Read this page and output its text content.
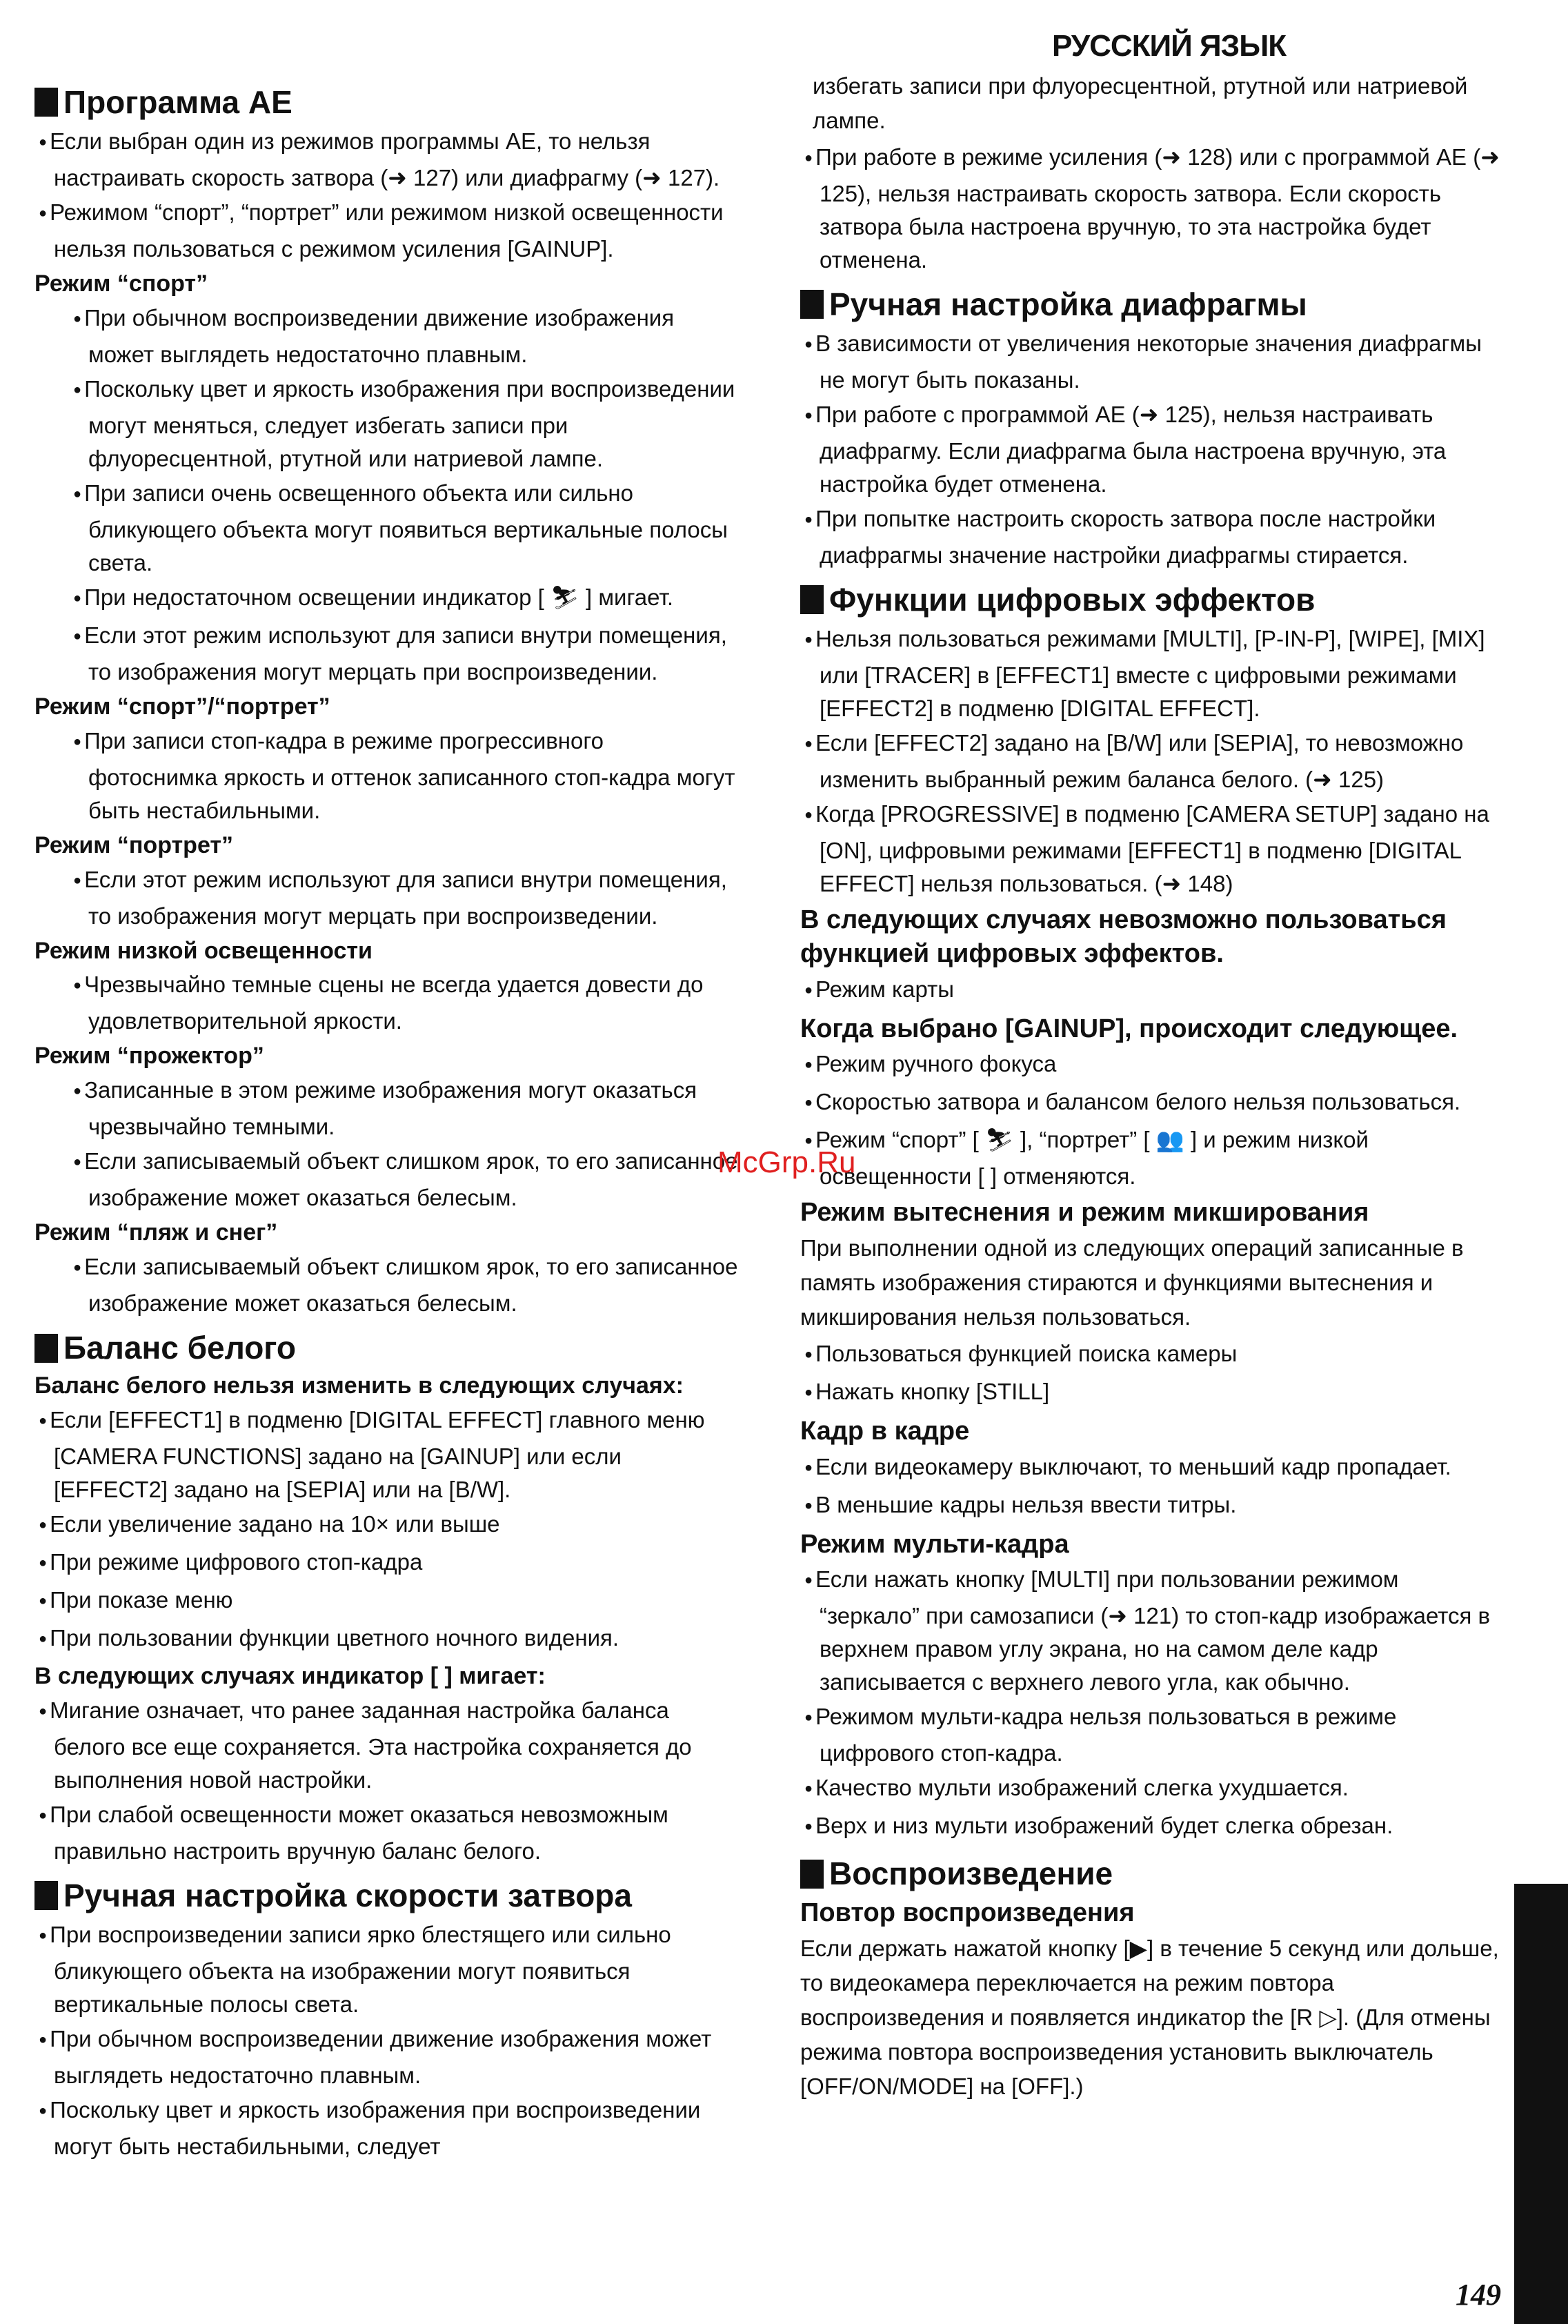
РУССКИЙ ЯЗЫК
Программа AE
● Если выбран один из режимов программы AE, то нельзя настраивать скорость затвора (➜ 127) или диафрагму (➜ 127).
● Режимом “спорт”, “портрет” или режимом низкой освещенности нельзя пользоваться с режимом усиления [GAINUP].
Режим “спорт”
● При обычном воспроизведении движение изображения может выглядеть недостаточно плавным.
● Поскольку цвет и яркость изображения при воспроизведении могут меняться, следует избегать записи при флуоресцентной, ртутной или натриевой лампе.
● При записи очень освещенного объекта или сильно бликующего объекта могут появиться вертикальные полосы света.
● При недостаточном освещении индикатор [ ⛷ ] мигает.
● Если этот режим используют для записи внутри помещения, то изображения могут мерцать при воспроизведении.
Режим “спорт”/“портрет”
● При записи стоп-кадра в режиме прогрессивного фотоснимка яркость и оттенок записанного стоп-кадра могут быть нестабильными.
Режим “портрет”
● Если этот режим используют для записи внутри помещения, то изображения могут мерцать при воспроизведении.
Режим низкой освещенности
● Чрезвычайно темные сцены не всегда удается довести до удовлетворительной яркости.
Режим “прожектор”
● Записанные в этом режиме изображения могут оказаться чрезвычайно темными.
● Если записываемый объект слишком ярок, то его записанное изображение может оказаться белесым.
Режим “пляж и снег”
● Если записываемый объект слишком ярок, то его записанное изображение может оказаться белесым.
Баланс белого
Баланс белого нельзя изменить в следующих случаях:
● Если [EFFECT1] в подменю [DIGITAL EFFECT] главного меню [CAMERA FUNCTIONS] задано на [GAINUP] или если [EFFECT2] задано на [SEPIA] или на [B/W].
● Если увеличение задано на 10× или выше
● При режиме цифрового стоп-кадра
● При показе меню
● При пользовании функции цветного ночного видения.
В следующих случаях индикатор [ ] мигает:
● Мигание означает, что ранее заданная настройка баланса белого все еще сохраняется. Эта настройка сохраняется до выполнения новой настройки.
● При слабой освещенности может оказаться невозможным правильно настроить вручную баланс белого.
Ручная настройка скорости затвора
● При воспроизведении записи ярко блестящего или сильно бликующего объекта на изображении могут появиться вертикальные полосы света.
● При обычном воспроизведении движение изображения может выглядеть недостаточно плавным.
● Поскольку цвет и яркость изображения при воспроизведении могут быть нестабильными, следует
избегать записи при флуоресцентной, ртутной или натриевой лампе.
● При работе в режиме усиления (➜ 128) или с программой AE (➜ 125), нельзя настраивать скорость затвора. Если скорость затвора была настроена вручную, то эта настройка будет отменена.
Ручная настройка диафрагмы
● В зависимости от увеличения некоторые значения диафрагмы не могут быть показаны.
● При работе с программой AE (➜ 125), нельзя настраивать диафрагму. Если диафрагма была настроена вручную, эта настройка будет отменена.
● При попытке настроить скорость затвора после настройки диафрагмы значение настройки диафрагмы стирается.
Функции цифровых эффектов
● Нельзя пользоваться режимами [MULTI], [P-IN-P], [WIPE], [MIX] или [TRACER] в [EFFECT1] вместе с цифровыми режимами [EFFECT2] в подменю [DIGITAL EFFECT].
● Если [EFFECT2] задано на [B/W] или [SEPIA], то невозможно изменить выбранный режим баланса белого. (➜ 125)
● Когда [PROGRESSIVE] в подменю [CAMERA SETUP] задано на [ON], цифровыми режимами [EFFECT1] в подменю [DIGITAL EFFECT] нельзя пользоваться. (➜ 148)
В следующих случаях невозможно пользоваться функцией цифровых эффектов.
● Режим карты
Когда выбрано [GAINUP], происходит следующее.
● Режим ручного фокуса
● Скоростью затвора и балансом белого нельзя пользоваться.
● Режим “спорт” [ ⛷ ], “портрет” [ 👥 ] и режим низкой освещенности [ ] отменяются.
Режим вытеснения и режим микширования
При выполнении одной из следующих операций записанные в память изображения стираются и функциями вытеснения и микширования нельзя пользоваться.
● Пользоваться функцией поиска камеры
● Нажать кнопку [STILL]
Кадр в кадре
● Если видеокамеру выключают, то меньший кадр пропадает.
● В меньшие кадры нельзя ввести титры.
Режим мульти-кадра
● Если нажать кнопку [MULTI] при пользовании режимом “зеркало” при самозаписи (➜ 121) то стоп-кадр изображается в верхнем правом углу экрана, но на самом деле кадр записывается с верхнего левого угла, как обычно.
● Режимом мульти-кадра нельзя пользоваться в режиме цифрового стоп-кадра.
● Качество мульти изображений слегка ухудшается.
● Верх и низ мульти изображений будет слегка обрезан.
Воспроизведение
Повтор воспроизведения
Если держать нажатой кнопку [▶] в течение 5 секунд или дольше, то видеокамера переключается на режим повтора воспроизведения и появляется индикатор the [R ▷]. (Для отмены режима повтора воспроизведения установить выключатель [OFF/ON/MODE] на [OFF].)
McGrp.Ru
149
